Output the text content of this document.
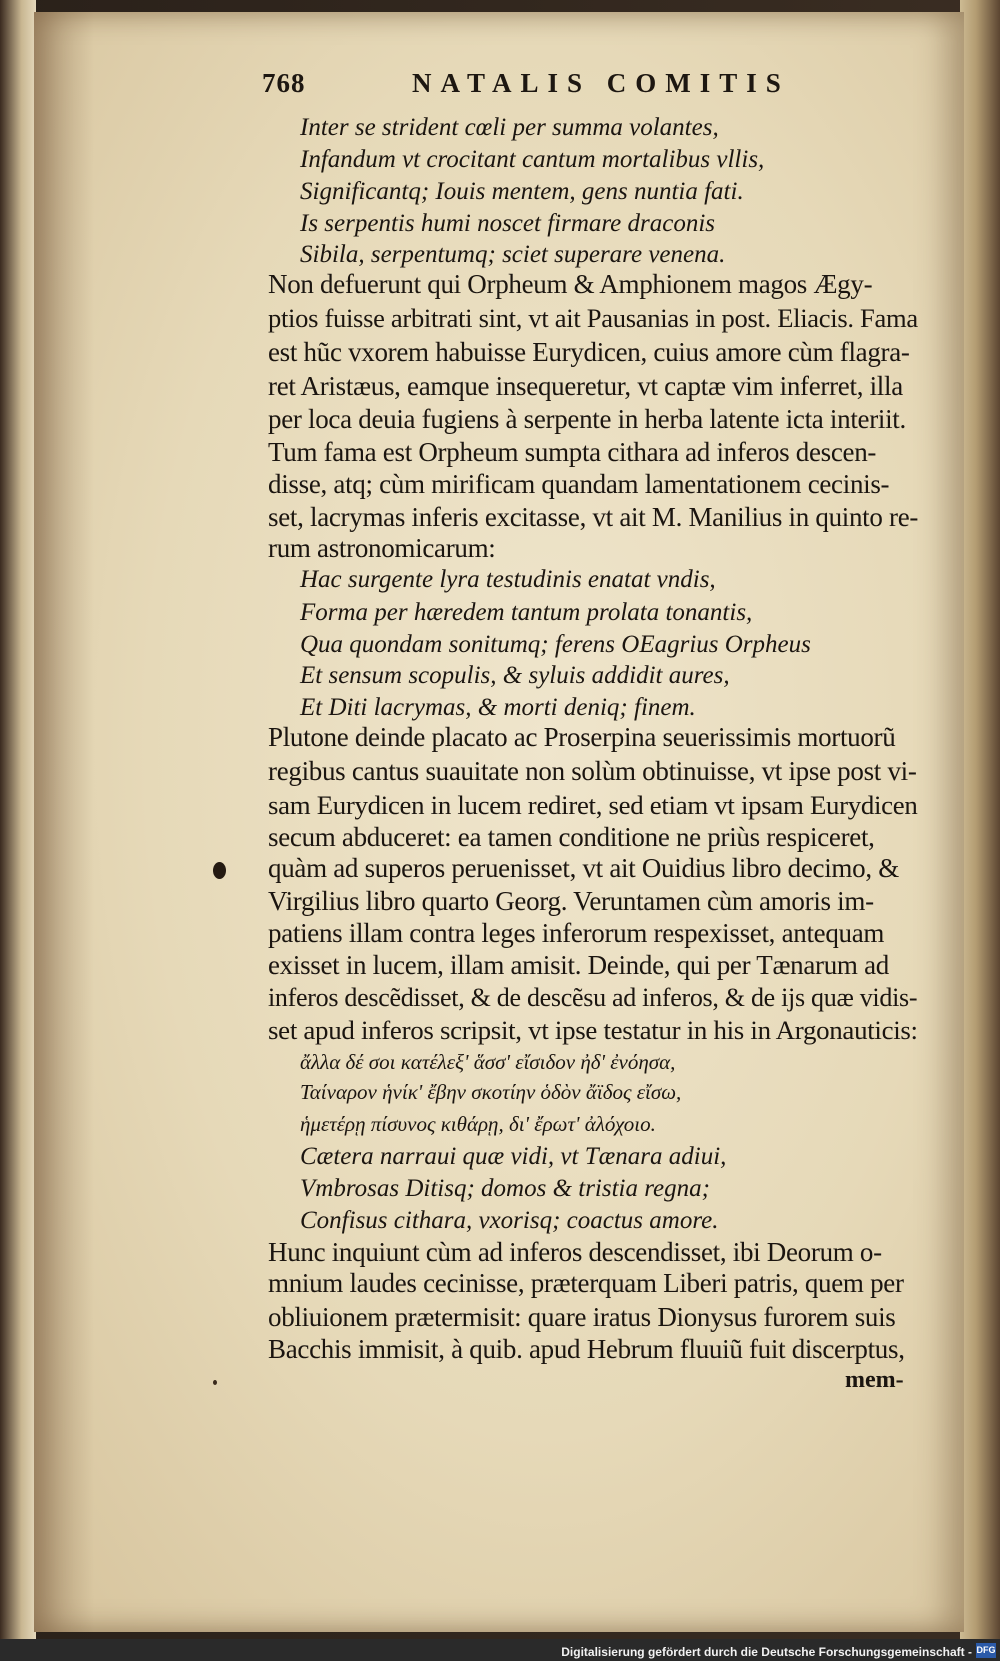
768	NATALIS COMITIS
Inter se strident cœli per summa volantes,
Infandum vt crocitant cantum mortalibus vllis,
Significantq; Iouis mentem, gens nuntia fati.
Is serpentis humi noscet firmare draconis
Sibila, serpentumq; sciet superare venena.
Non defuerunt qui Orpheum & Amphionem magos Ægy-
ptios fuisse arbitrati sint, vt ait Pausanias in post. Eliacis. Fama
est hũc vxorem habuisse Eurydicen, cuius amore cùm flagra-
ret Aristæus, eamque insequeretur, vt captæ vim inferret, illa
per loca deuia fugiens à serpente in herba latente icta interiit.
Tum fama est Orpheum sumpta cithara ad inferos descen-
disse, atq; cùm mirificam quandam lamentationem cecinis-
set, lacrymas inferis excitasse, vt ait M. Manilius in quinto re-
rum astronomicarum:
Hac surgente lyra testudinis enatat vndis,
Forma per hæredem tantum prolata tonantis,
Qua quondam sonitumq; ferens OEagrius Orpheus
Et sensum scopulis, & syluis addidit aures,
Et Diti lacrymas, & morti deniq; finem.
Plutone deinde placato ac Proserpina seuerissimis mortuorũ
regibus cantus suauitate non solùm obtinuisse, vt ipse post vi-
sam Eurydicen in lucem rediret, sed etiam vt ipsam Eurydicen
secum abduceret: ea tamen conditione ne priùs respiceret,
quàm ad superos peruenisset, vt ait Ouidius libro decimo, &
Virgilius libro quarto Georg. Veruntamen cùm amoris im-
patiens illam contra leges inferorum respexisset, antequam
exisset in lucem, illam amisit. Deinde, qui per Tænarum ad
inferos descẽdisset, & de descẽsu ad inferos, & de ijs quæ vidis-
set apud inferos scripsit, vt ipse testatur in his in Argonauticis:
ἄλλα δέ σοι κατέλεξ' ἅσσ' εἴσιδον ἠδ' ἐνόησα,
Ταίναρον ἡνίκ' ἔβην σκοτίην ὁδὸν ἄϊδος εἴσω,
ἡμετέρῃ πίσυνος κιθάρῃ, δι' ἔρωτ' ἀλόχοιο.
Cætera narraui quæ vidi, vt Tænara adiui,
Vmbrosas Ditisq; domos & tristia regna;
Confisus cithara, vxorisq; coactus amore.
Hunc inquiunt cùm ad inferos descendisset, ibi Deorum o-
mnium laudes cecinisse, præterquam Liberi patris, quem per
obliuionem prætermisit: quare iratus Dionysus furorem suis
Bacchis immisit, à quib. apud Hebrum fluuiũ fuit discerptus,
mem-
Digitalisierung gefördert durch die Deutsche Forschungsgemeinschaft - DFG
